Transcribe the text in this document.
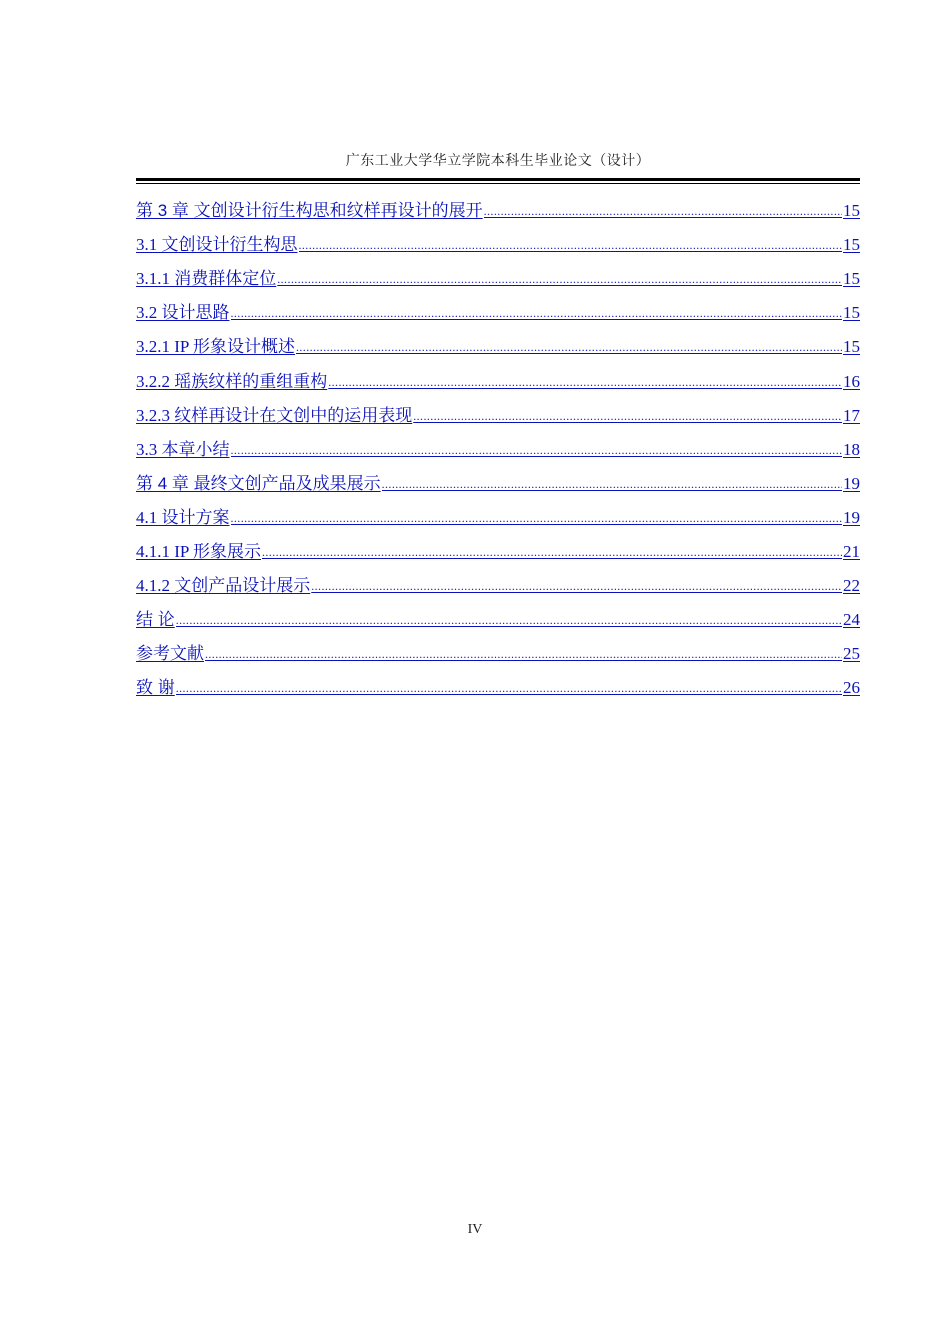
广东工业大学华立学院本科生毕业论文（设计）
第 3 章 文创设计衍生构思和纹样再设计的展开 .....	15
3.1 文创设计衍生构思 .....	15
3.1.1 消费群体定位 .....	15
3.2 设计思路 .....	15
3.2.1 IP 形象设计概述 .....	15
3.2.2 瑶族纹样的重组重构 .....	16
3.2.3 纹样再设计在文创中的运用表现 .....	17
3.3 本章小结 .....	18
第 4 章 最终文创产品及成果展示 .....	19
4.1 设计方案 .....	19
4.1.1 IP 形象展示 .....	21
4.1.2 文创产品设计展示 .....	22
结 论 .....	24
参考文献 .....	25
致 谢 .....	26
IV
